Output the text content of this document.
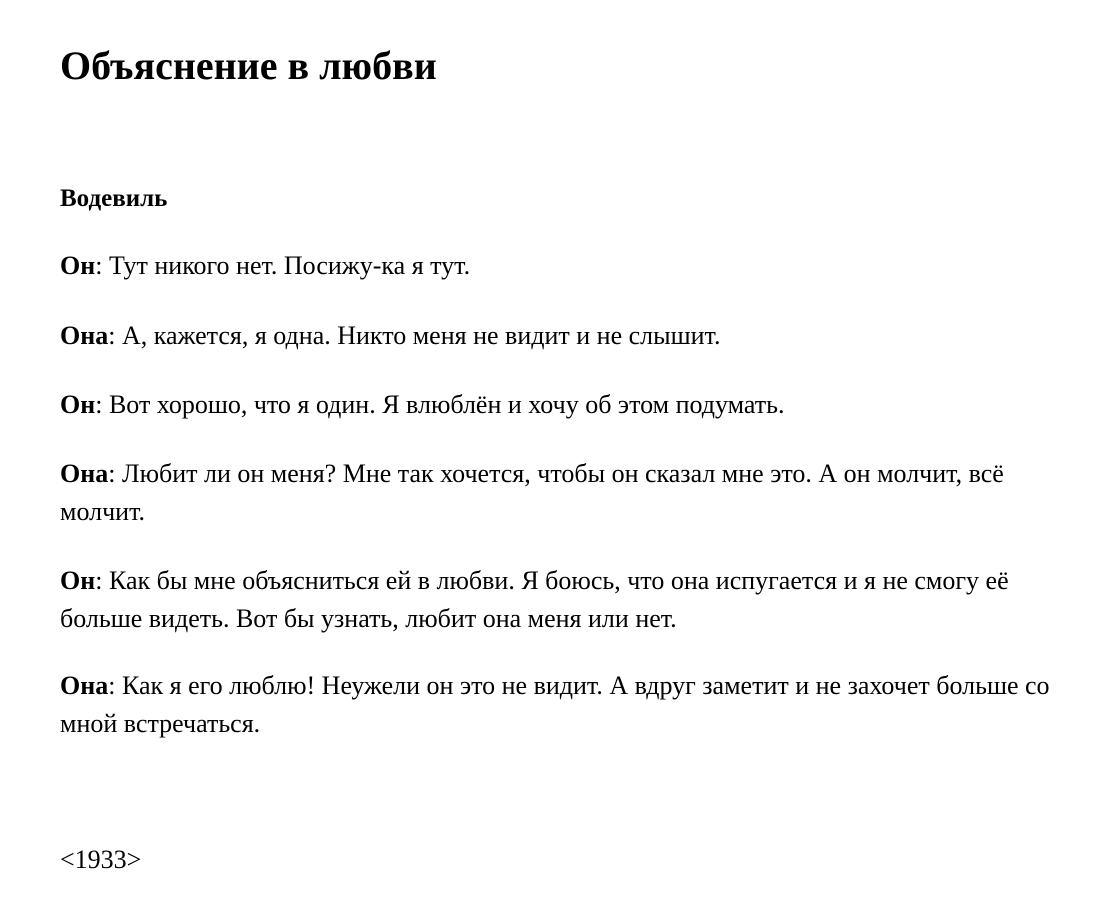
Объяснение в любви

Водевиль

Он: Тут никого нет. Посижу-ка я тут.

Она: А, кажется, я одна. Никто меня не видит и не слышит.

Он: Вот хорошо, что я один. Я влюблён и хочу об этом подумать.

Она: Любит ли он меня? Мне так хочется, чтобы он сказал мне это. А он молчит, всё молчит.

Он: Как бы мне объясниться ей в любви. Я боюсь, что она испугается и я не смогу её больше видеть. Вот бы узнать, любит она меня или нет.

Она: Как я его люблю! Неужели он это не видит. А вдруг заметит и не захочет больше со мной встречаться.

<1933>
